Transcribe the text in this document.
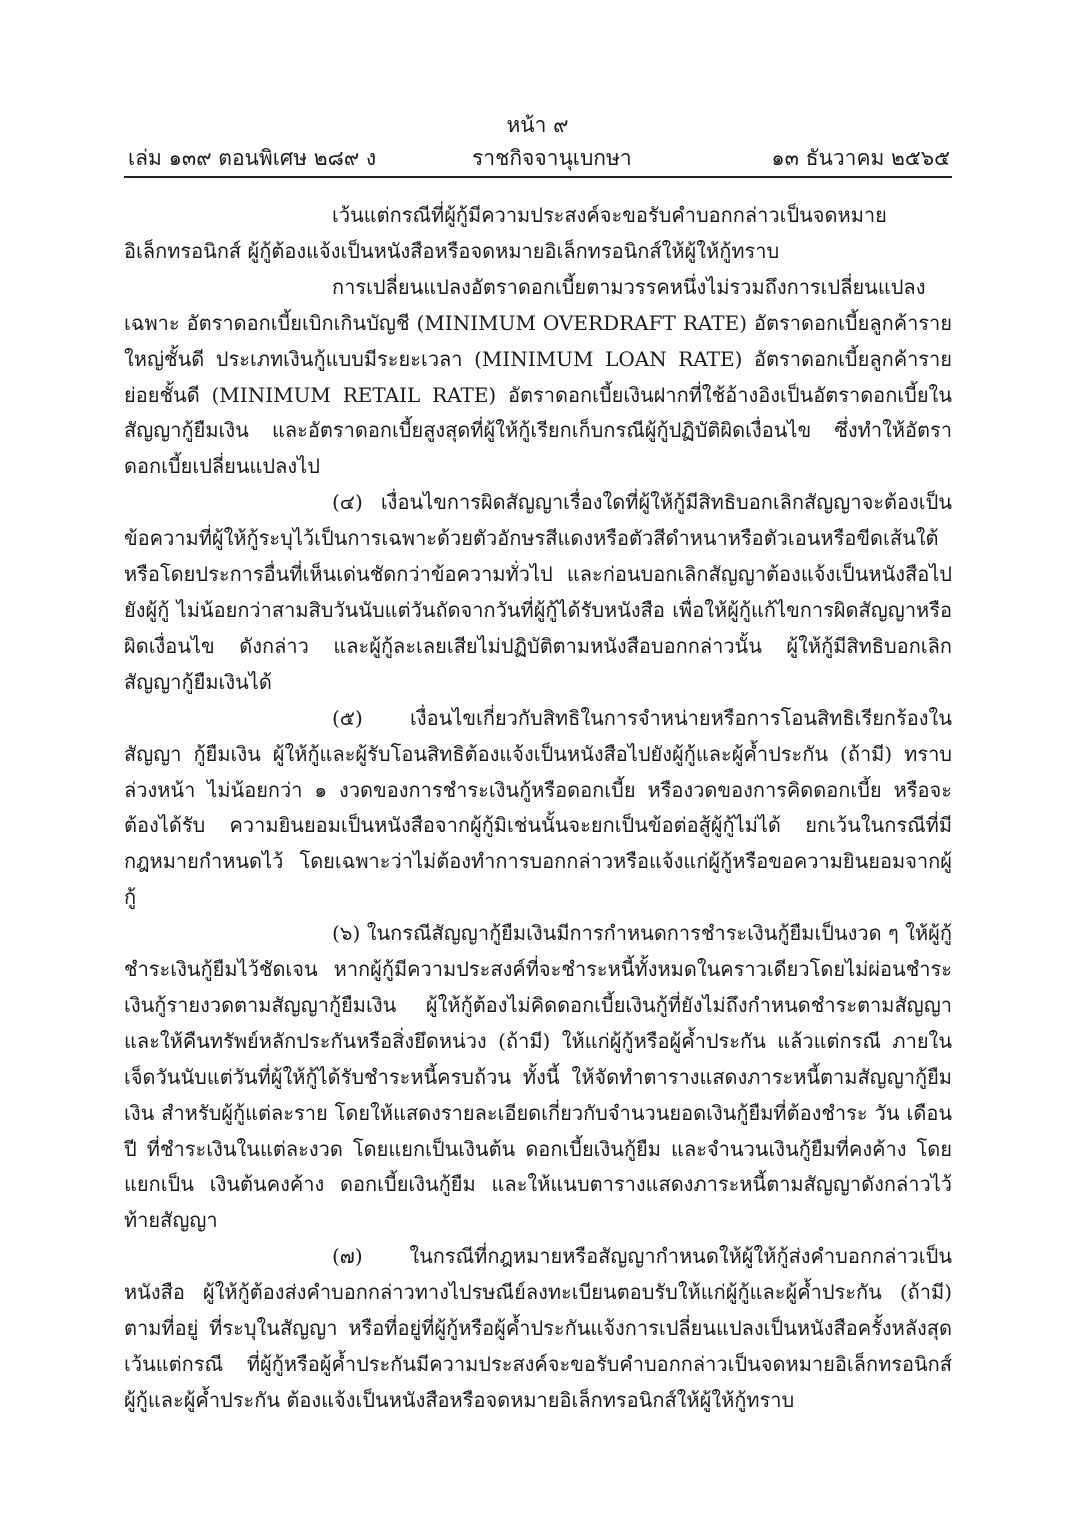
หน้า ๙
เล่ม ๑๓๙ ตอนพิเศษ ๒๘๙ ง	ราชกิจจานุเบกษา	๑๓ ธันวาคม ๒๕๖๕

เว้นแต่กรณีที่ผู้กู้มีความประสงค์จะขอรับคำบอกกล่าวเป็นจดหมายอิเล็กทรอนิกส์ ผู้กู้ต้องแจ้งเป็นหนังสือหรือจดหมายอิเล็กทรอนิกส์ให้ผู้ให้กู้ทราบ

การเปลี่ยนแปลงอัตราดอกเบี้ยตามวรรคหนึ่งไม่รวมถึงการเปลี่ยนแปลงเฉพาะ อัตราดอกเบี้ยเบิกเกินบัญชี (MINIMUM OVERDRAFT RATE) อัตราดอกเบี้ยลูกค้ารายใหญ่ชั้นดี ประเภทเงินกู้แบบมีระยะเวลา (MINIMUM LOAN RATE) อัตราดอกเบี้ยลูกค้ารายย่อยชั้นดี (MINIMUM RETAIL RATE) อัตราดอกเบี้ยเงินฝากที่ใช้อ้างอิงเป็นอัตราดอกเบี้ยในสัญญากู้ยืมเงิน และอัตราดอกเบี้ยสูงสุดที่ผู้ให้กู้เรียกเก็บกรณีผู้กู้ปฏิบัติผิดเงื่อนไข ซึ่งทำให้อัตราดอกเบี้ยเปลี่ยนแปลงไป

(๔) เงื่อนไขการผิดสัญญาเรื่องใดที่ผู้ให้กู้มีสิทธิบอกเลิกสัญญาจะต้องเป็น ข้อความที่ผู้ให้กู้ระบุไว้เป็นการเฉพาะด้วยตัวอักษรสีแดงหรือตัวสีดำหนาหรือตัวเอนหรือขีดเส้นใต้ หรือโดยประการอื่นที่เห็นเด่นชัดกว่าข้อความทั่วไป และก่อนบอกเลิกสัญญาต้องแจ้งเป็นหนังสือไปยังผู้กู้ ไม่น้อยกว่าสามสิบวันนับแต่วันถัดจากวันที่ผู้กู้ได้รับหนังสือ เพื่อให้ผู้กู้แก้ไขการผิดสัญญาหรือผิดเงื่อนไข ดังกล่าว และผู้กู้ละเลยเสียไม่ปฏิบัติตามหนังสือบอกกล่าวนั้น ผู้ให้กู้มีสิทธิบอกเลิกสัญญากู้ยืมเงินได้

(๕) เงื่อนไขเกี่ยวกับสิทธิในการจำหน่ายหรือการโอนสิทธิเรียกร้องในสัญญา กู้ยืมเงิน ผู้ให้กู้และผู้รับโอนสิทธิต้องแจ้งเป็นหนังสือไปยังผู้กู้และผู้ค้ำประกัน (ถ้ามี) ทราบล่วงหน้า ไม่น้อยกว่า ๑ งวดของการชำระเงินกู้หรือดอกเบี้ย หรืองวดของการคิดดอกเบี้ย หรือจะต้องได้รับ ความยินยอมเป็นหนังสือจากผู้กู้มิเช่นนั้นจะยกเป็นข้อต่อสู้ผู้กู้ไม่ได้ ยกเว้นในกรณีที่มีกฎหมายกำหนดไว้ โดยเฉพาะว่าไม่ต้องทำการบอกกล่าวหรือแจ้งแก่ผู้กู้หรือขอความยินยอมจากผู้กู้

(๖) ในกรณีสัญญากู้ยืมเงินมีการกำหนดการชำระเงินกู้ยืมเป็นงวด ๆ ให้ผู้กู้ชำระเงินกู้ยืมไว้ชัดเจน หากผู้กู้มีความประสงค์ที่จะชำระหนี้ทั้งหมดในคราวเดียวโดยไม่ผ่อนชำระ เงินกู้รายงวดตามสัญญากู้ยืมเงิน ผู้ให้กู้ต้องไม่คิดดอกเบี้ยเงินกู้ที่ยังไม่ถึงกำหนดชำระตามสัญญา และให้คืนทรัพย์หลักประกันหรือสิ่งยึดหน่วง (ถ้ามี) ให้แก่ผู้กู้หรือผู้ค้ำประกัน แล้วแต่กรณี ภายใน เจ็ดวันนับแต่วันที่ผู้ให้กู้ได้รับชำระหนี้ครบถ้วน ทั้งนี้ ให้จัดทำตารางแสดงภาระหนี้ตามสัญญากู้ยืมเงิน สำหรับผู้กู้แต่ละราย โดยให้แสดงรายละเอียดเกี่ยวกับจำนวนยอดเงินกู้ยืมที่ต้องชำระ วัน เดือน ปี ที่ชำระเงินในแต่ละงวด โดยแยกเป็นเงินต้น ดอกเบี้ยเงินกู้ยืม และจำนวนเงินกู้ยืมที่คงค้าง โดยแยกเป็น เงินต้นคงค้าง ดอกเบี้ยเงินกู้ยืม และให้แนบตารางแสดงภาระหนี้ตามสัญญาดังกล่าวไว้ท้ายสัญญา

(๗) ในกรณีที่กฎหมายหรือสัญญากำหนดให้ผู้ให้กู้ส่งคำบอกกล่าวเป็นหนังสือ ผู้ให้กู้ต้องส่งคำบอกกล่าวทางไปรษณีย์ลงทะเบียนตอบรับให้แก่ผู้กู้และผู้ค้ำประกัน (ถ้ามี) ตามที่อยู่ ที่ระบุในสัญญา หรือที่อยู่ที่ผู้กู้หรือผู้ค้ำประกันแจ้งการเปลี่ยนแปลงเป็นหนังสือครั้งหลังสุด เว้นแต่กรณี ที่ผู้กู้หรือผู้ค้ำประกันมีความประสงค์จะขอรับคำบอกกล่าวเป็นจดหมายอิเล็กทรอนิกส์ ผู้กู้และผู้ค้ำประกัน ต้องแจ้งเป็นหนังสือหรือจดหมายอิเล็กทรอนิกส์ให้ผู้ให้กู้ทราบ
